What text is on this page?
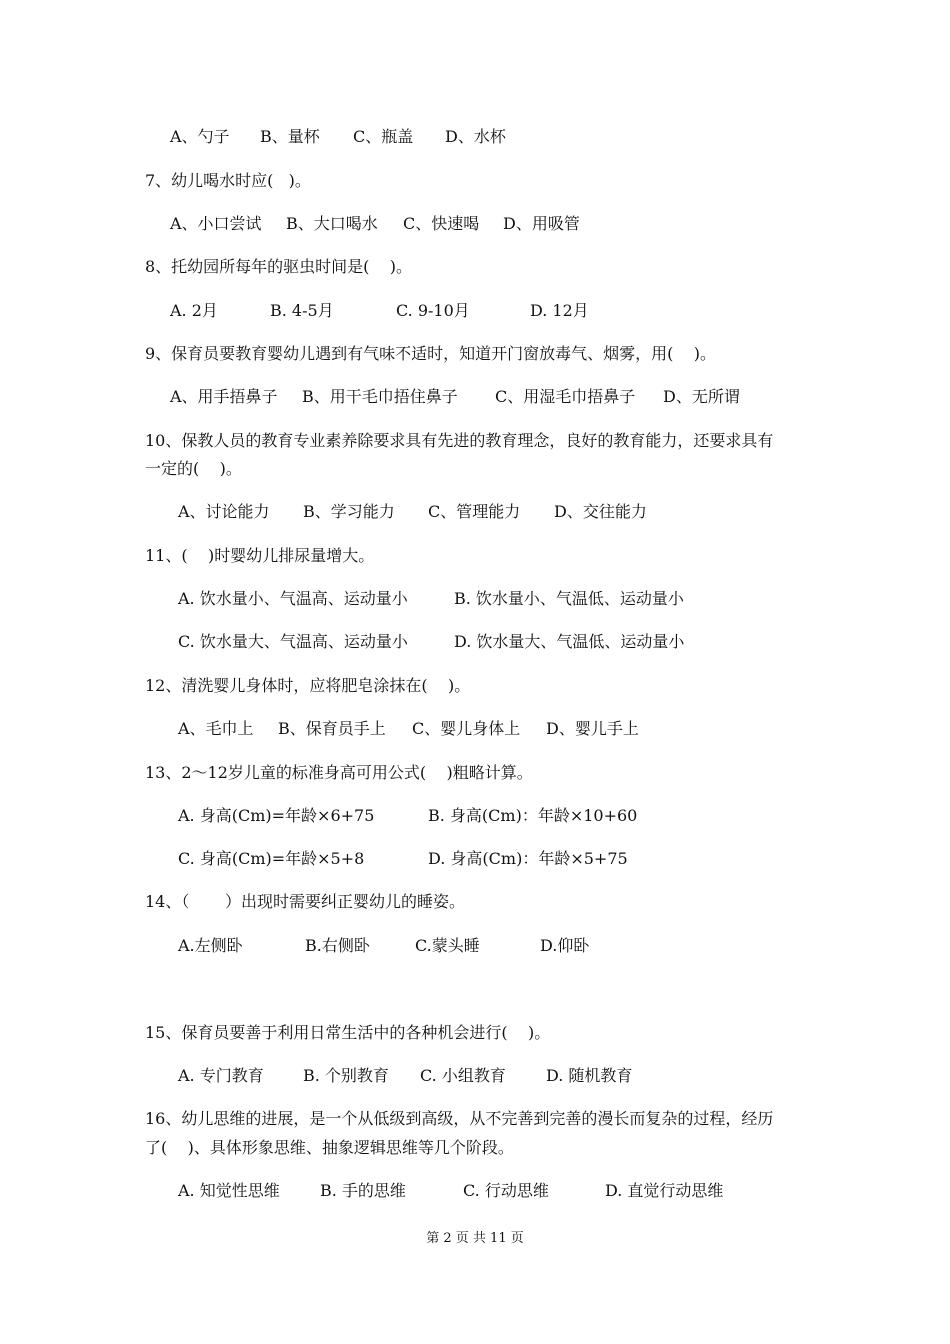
A、勺子 B、量杯 C、瓶盖 D、水杯
7、幼儿喝水时应(   )。
A、小口尝试 B、大口喝水 C、快速喝 D、用吸管
8、托幼园所每年的驱虫时间是(    )。
A. 2月	B. 4-5月	C. 9-10月	D. 12月
9、保育员要教育婴幼儿遇到有气味不适时，知道开门窗放毒气、烟雾，用(    )。
A、用手捂鼻子 B、用干毛巾捂住鼻子 C、用湿毛巾捂鼻子 D、无所谓
10、保教人员的教育专业素养除要求具有先进的教育理念，良好的教育能力，还要求具有
一定的(    )。
A、讨论能力 B、学习能力 C、管理能力 D、交往能力
11、(    )时婴幼儿排尿量增大。
A. 饮水量小、气温高、运动量小	B. 饮水量小、气温低、运动量小
C. 饮水量大、气温高、运动量小	D. 饮水量大、气温低、运动量小
12、清洗婴儿身体时，应将肥皂涂抹在(    )。
A、毛巾上 B、保育员手上 C、婴儿身体上 D、婴儿手上
13、2～12岁儿童的标准身高可用公式(    )粗略计算。
A. 身高(Cm)=年龄×6+75	B. 身高(Cm)：年龄×10+60
C. 身高(Cm)=年龄×5+8	D. 身高(Cm)：年龄×5+75
14、（       ）出现时需要纠正婴幼儿的睡姿。
A.左侧卧	B.右侧卧	C.蒙头睡	D.仰卧
15、保育员要善于利用日常生活中的各种机会进行(    )。
A. 专门教育 B. 个别教育 C. 小组教育	D. 随机教育
16、幼儿思维的进展，是一个从低级到高级，从不完善到完善的漫长而复杂的过程，经历
了(    )、具体形象思维、抽象逻辑思维等几个阶段。
A. 知觉性思维	B. 手的思维	C. 行动思维	D. 直觉行动思维
第 2 页 共 11 页
